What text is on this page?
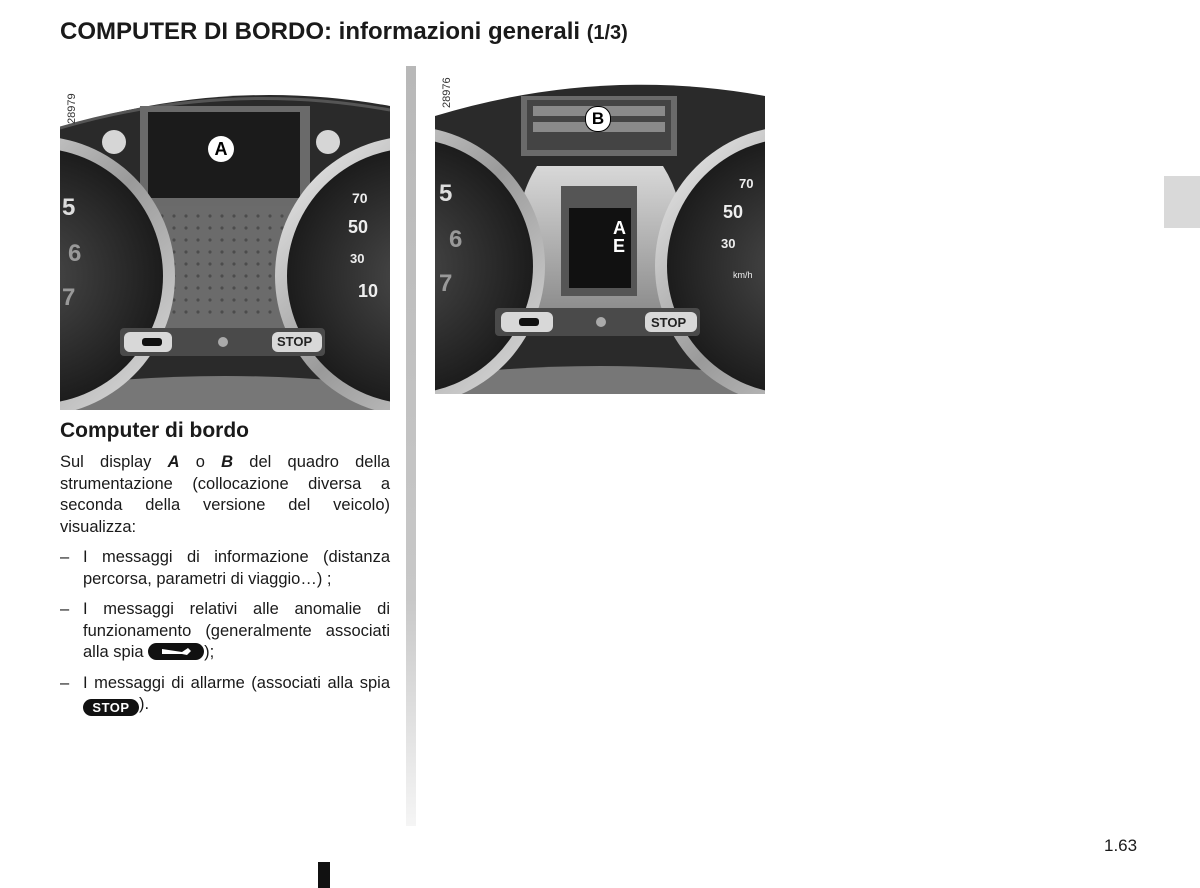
COMPUTER DI BORDO: informazioni generali (1/3)
A
STOP
70
50
30
10
5
6
7
28979	B
A
E
STOP
70
50
30
km/h
5
6
7
28976
Computer di bordo

Sul display A o B del quadro della strumentazione (collocazione diversa a seconda della versione del veicolo) visualizza:

– I messaggi di informazione (distanza percorsa, parametri di viaggio…) ;
– I messaggi relativi alle anomalie di funzionamento (generalmente associati alla spia	);
– I messaggi di allarme (associati alla spia STOP ).
1.63
